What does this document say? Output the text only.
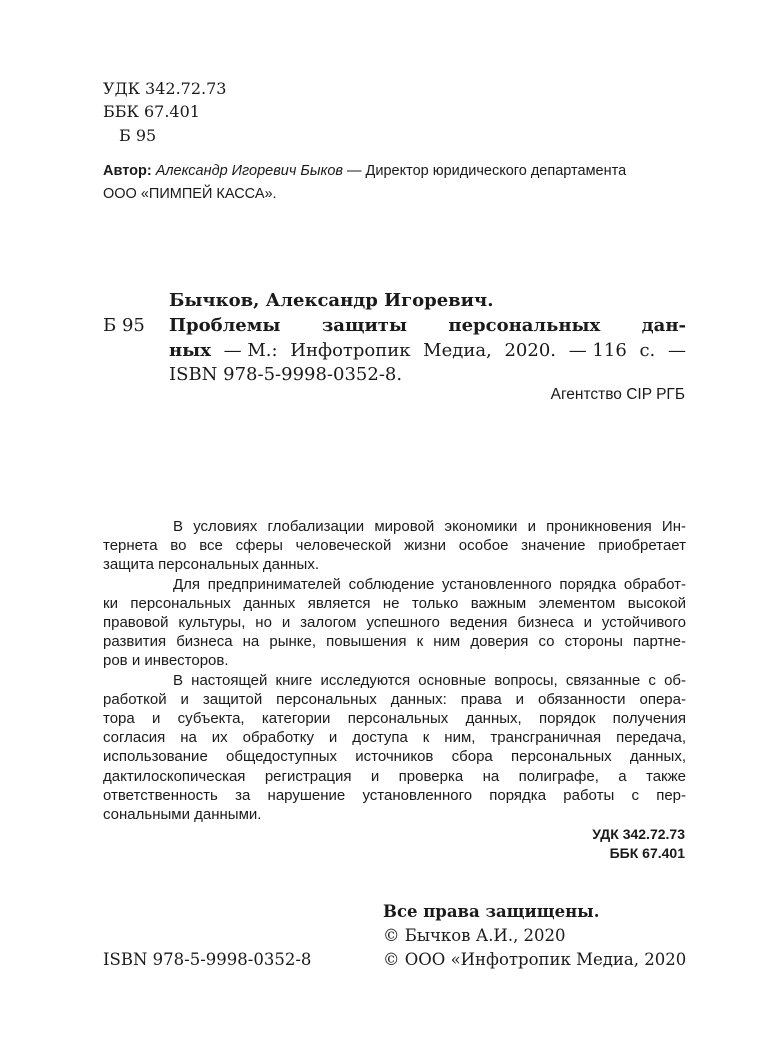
УДК 342.72.73
ББК 67.401
Б 95
Автор: Александр Игоревич Быков — Директор юридического департамента
ООО «ПИМПЕЙ КАССА».
Бычков, Александр Игоревич.
Б 95 Проблемы защиты персональных дан-
ных — М.: Инфотропик Медиа, 2020. — 116 с. —
ISBN 978-5-9998-0352-8.
Агентство CIP РГБ
В условиях глобализации мировой экономики и проникновения Ин-
тернета во все сферы человеческой жизни особое значение приобретает
защита персональных данных.
Для предпринимателей соблюдение установленного порядка обработ-
ки персональных данных является не только важным элементом высокой
правовой культуры, но и залогом успешного ведения бизнеса и устойчивого
развития бизнеса на рынке, повышения к ним доверия со стороны партне-
ров и инвесторов.
В настоящей книге исследуются основные вопросы, связанные с об-
работкой и защитой персональных данных: права и обязанности опера-
тора и субъекта, категории персональных данных, порядок получения
согласия на их обработку и доступа к ним, трансграничная передача,
использование общедоступных источников сбора персональных данных,
дактилоскопическая регистрация и проверка на полиграфе, а также
ответственность за нарушение установленного порядка работы с пер-
сональными данными.
УДК 342.72.73
ББК 67.401
Все права защищены.
© Бычков А.И., 2020
© ООО «Инфотропик Медиа, 2020
ISBN 978-5-9998-0352-8
